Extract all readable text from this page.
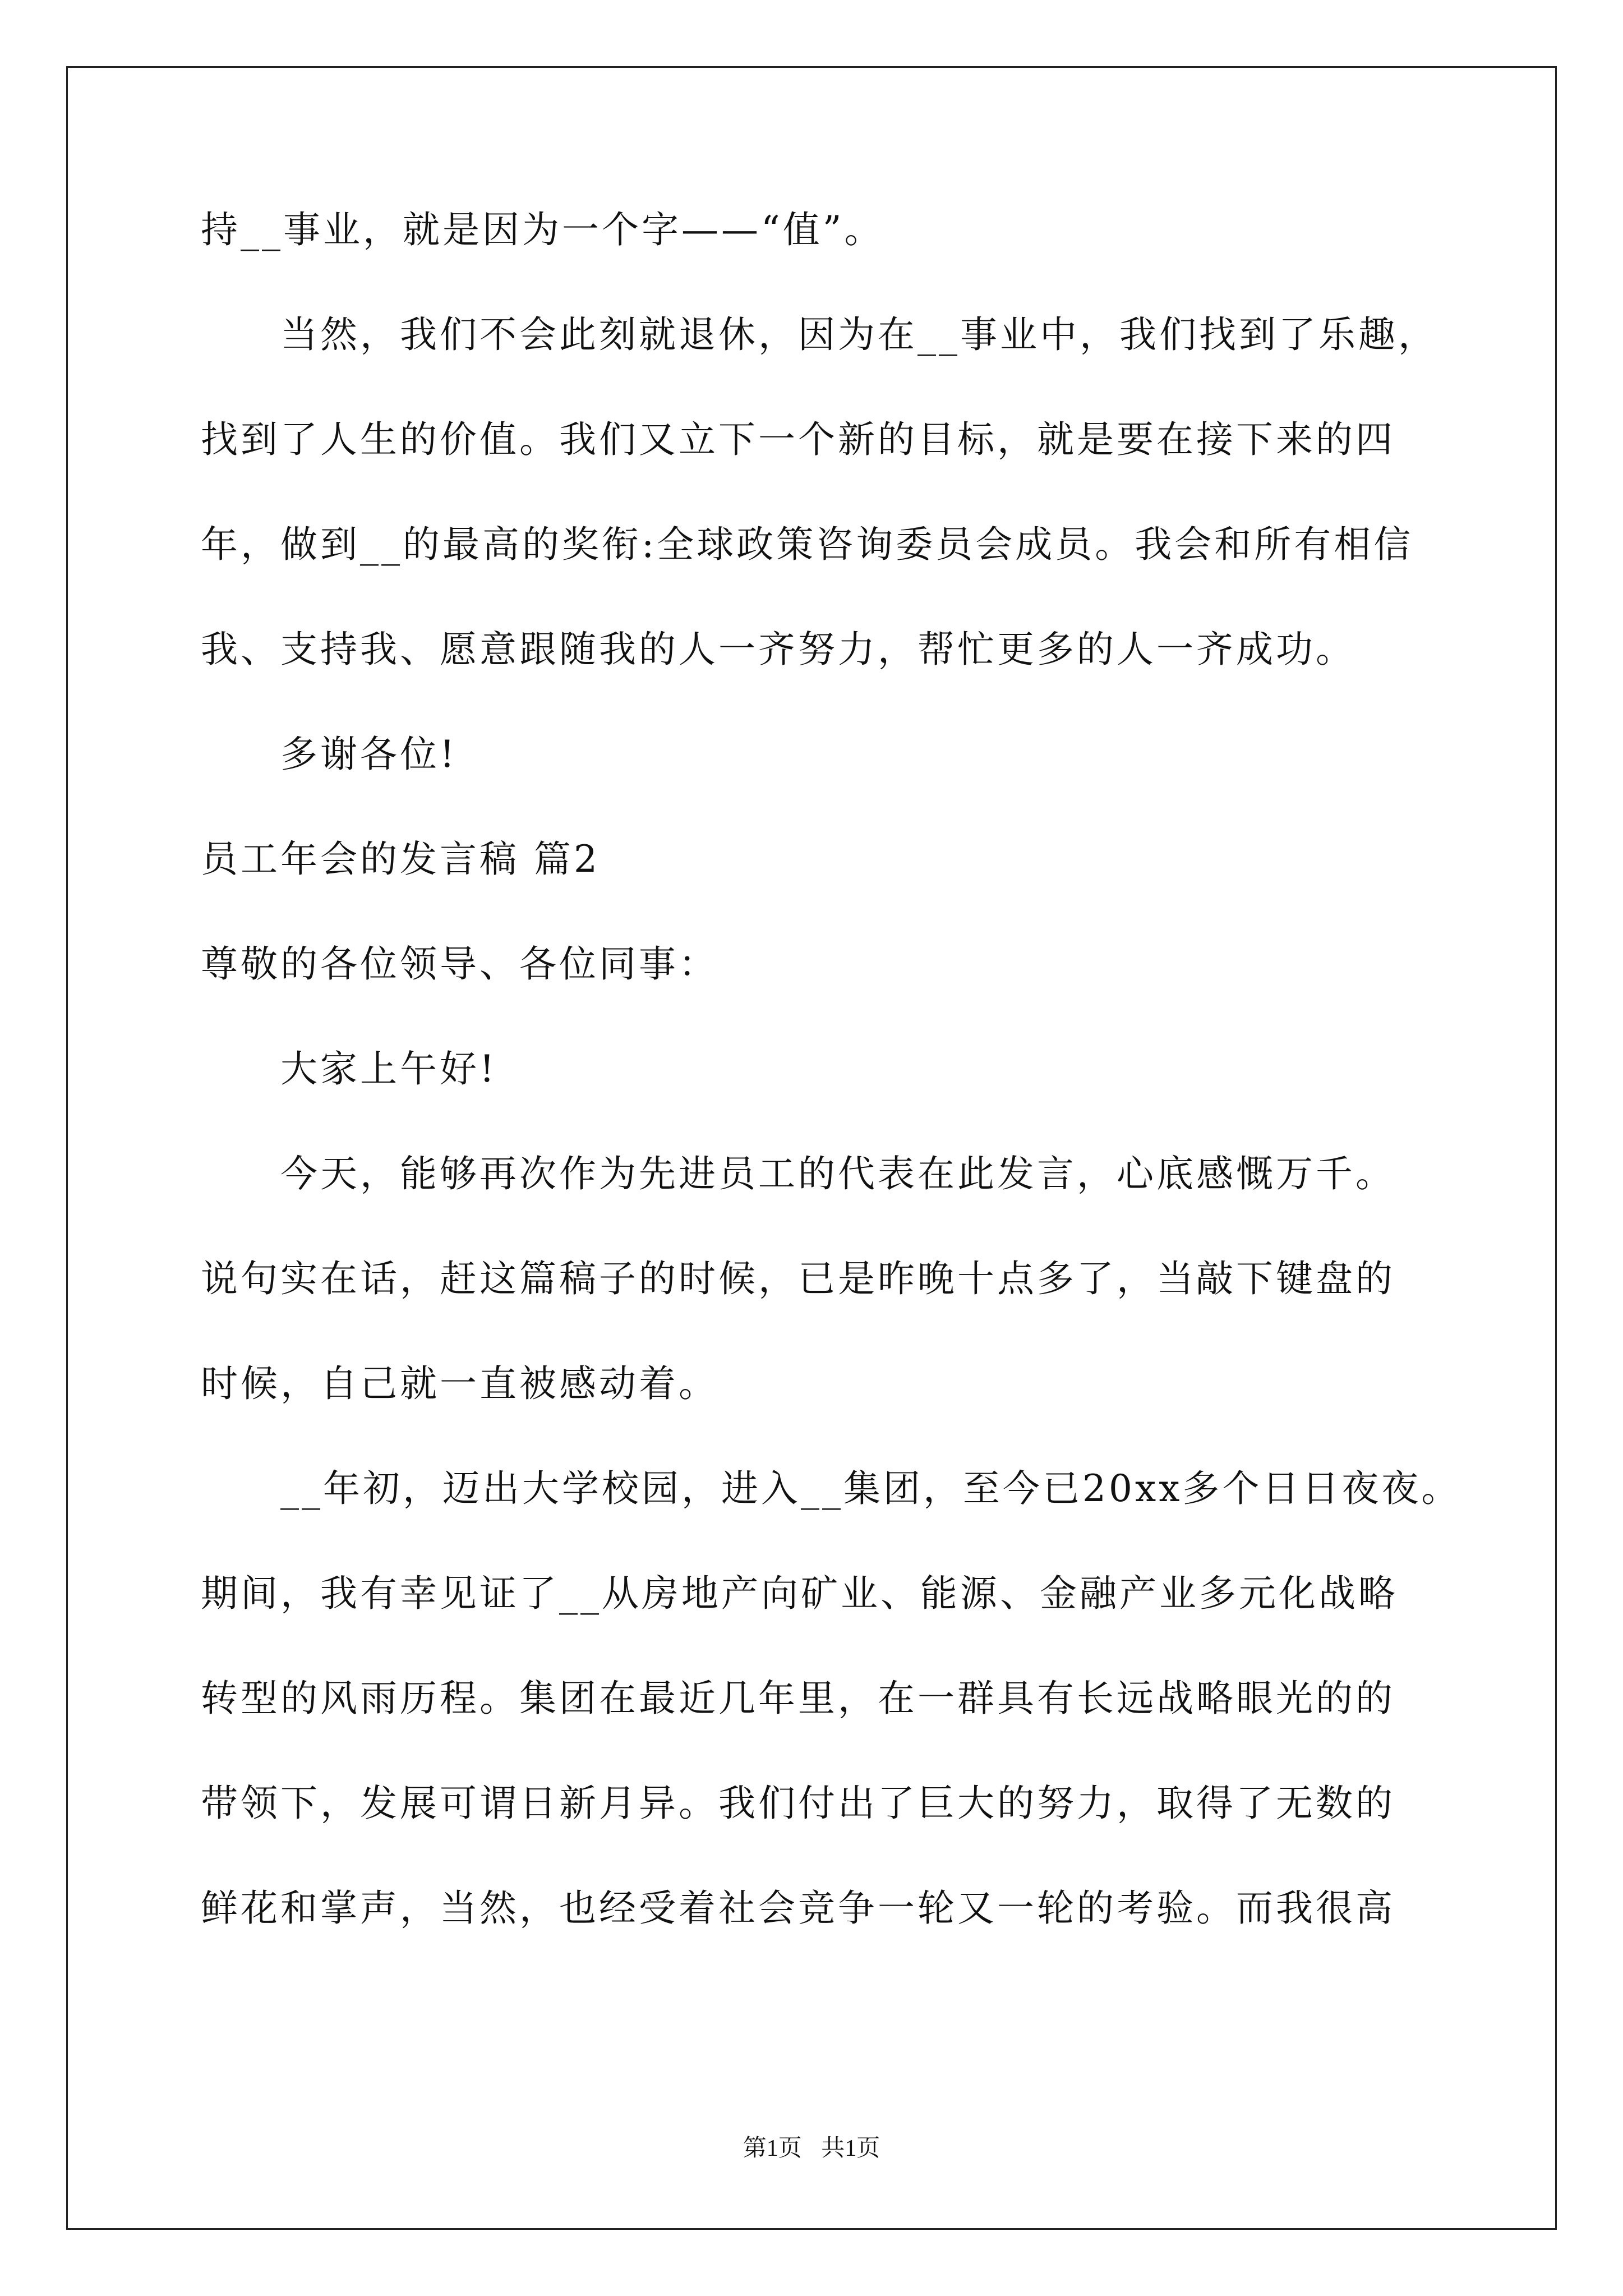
持__事业，就是因为一个字——“值”。
当然，我们不会此刻就退休，因为在__事业中，我们找到了乐趣，
找到了人生的价值。我们又立下一个新的目标，就是要在接下来的四
年，做到__的最高的奖衔:全球政策咨询委员会成员。我会和所有相信
我、支持我、愿意跟随我的人一齐努力，帮忙更多的人一齐成功。
多谢各位!
员工年会的发言稿 篇2
尊敬的各位领导、各位同事：
大家上午好!
今天，能够再次作为先进员工的代表在此发言，心底感慨万千。
说句实在话，赶这篇稿子的时候，已是昨晚十点多了，当敲下键盘的
时候，自己就一直被感动着。
__年初，迈出大学校园，进入__集团，至今已20xx多个日日夜夜。
期间，我有幸见证了__从房地产向矿业、能源、金融产业多元化战略
转型的风雨历程。集团在最近几年里，在一群具有长远战略眼光的的
带领下，发展可谓日新月异。我们付出了巨大的努力，取得了无数的
鲜花和掌声，当然，也经受着社会竞争一轮又一轮的考验。而我很高
第1页 共1页
